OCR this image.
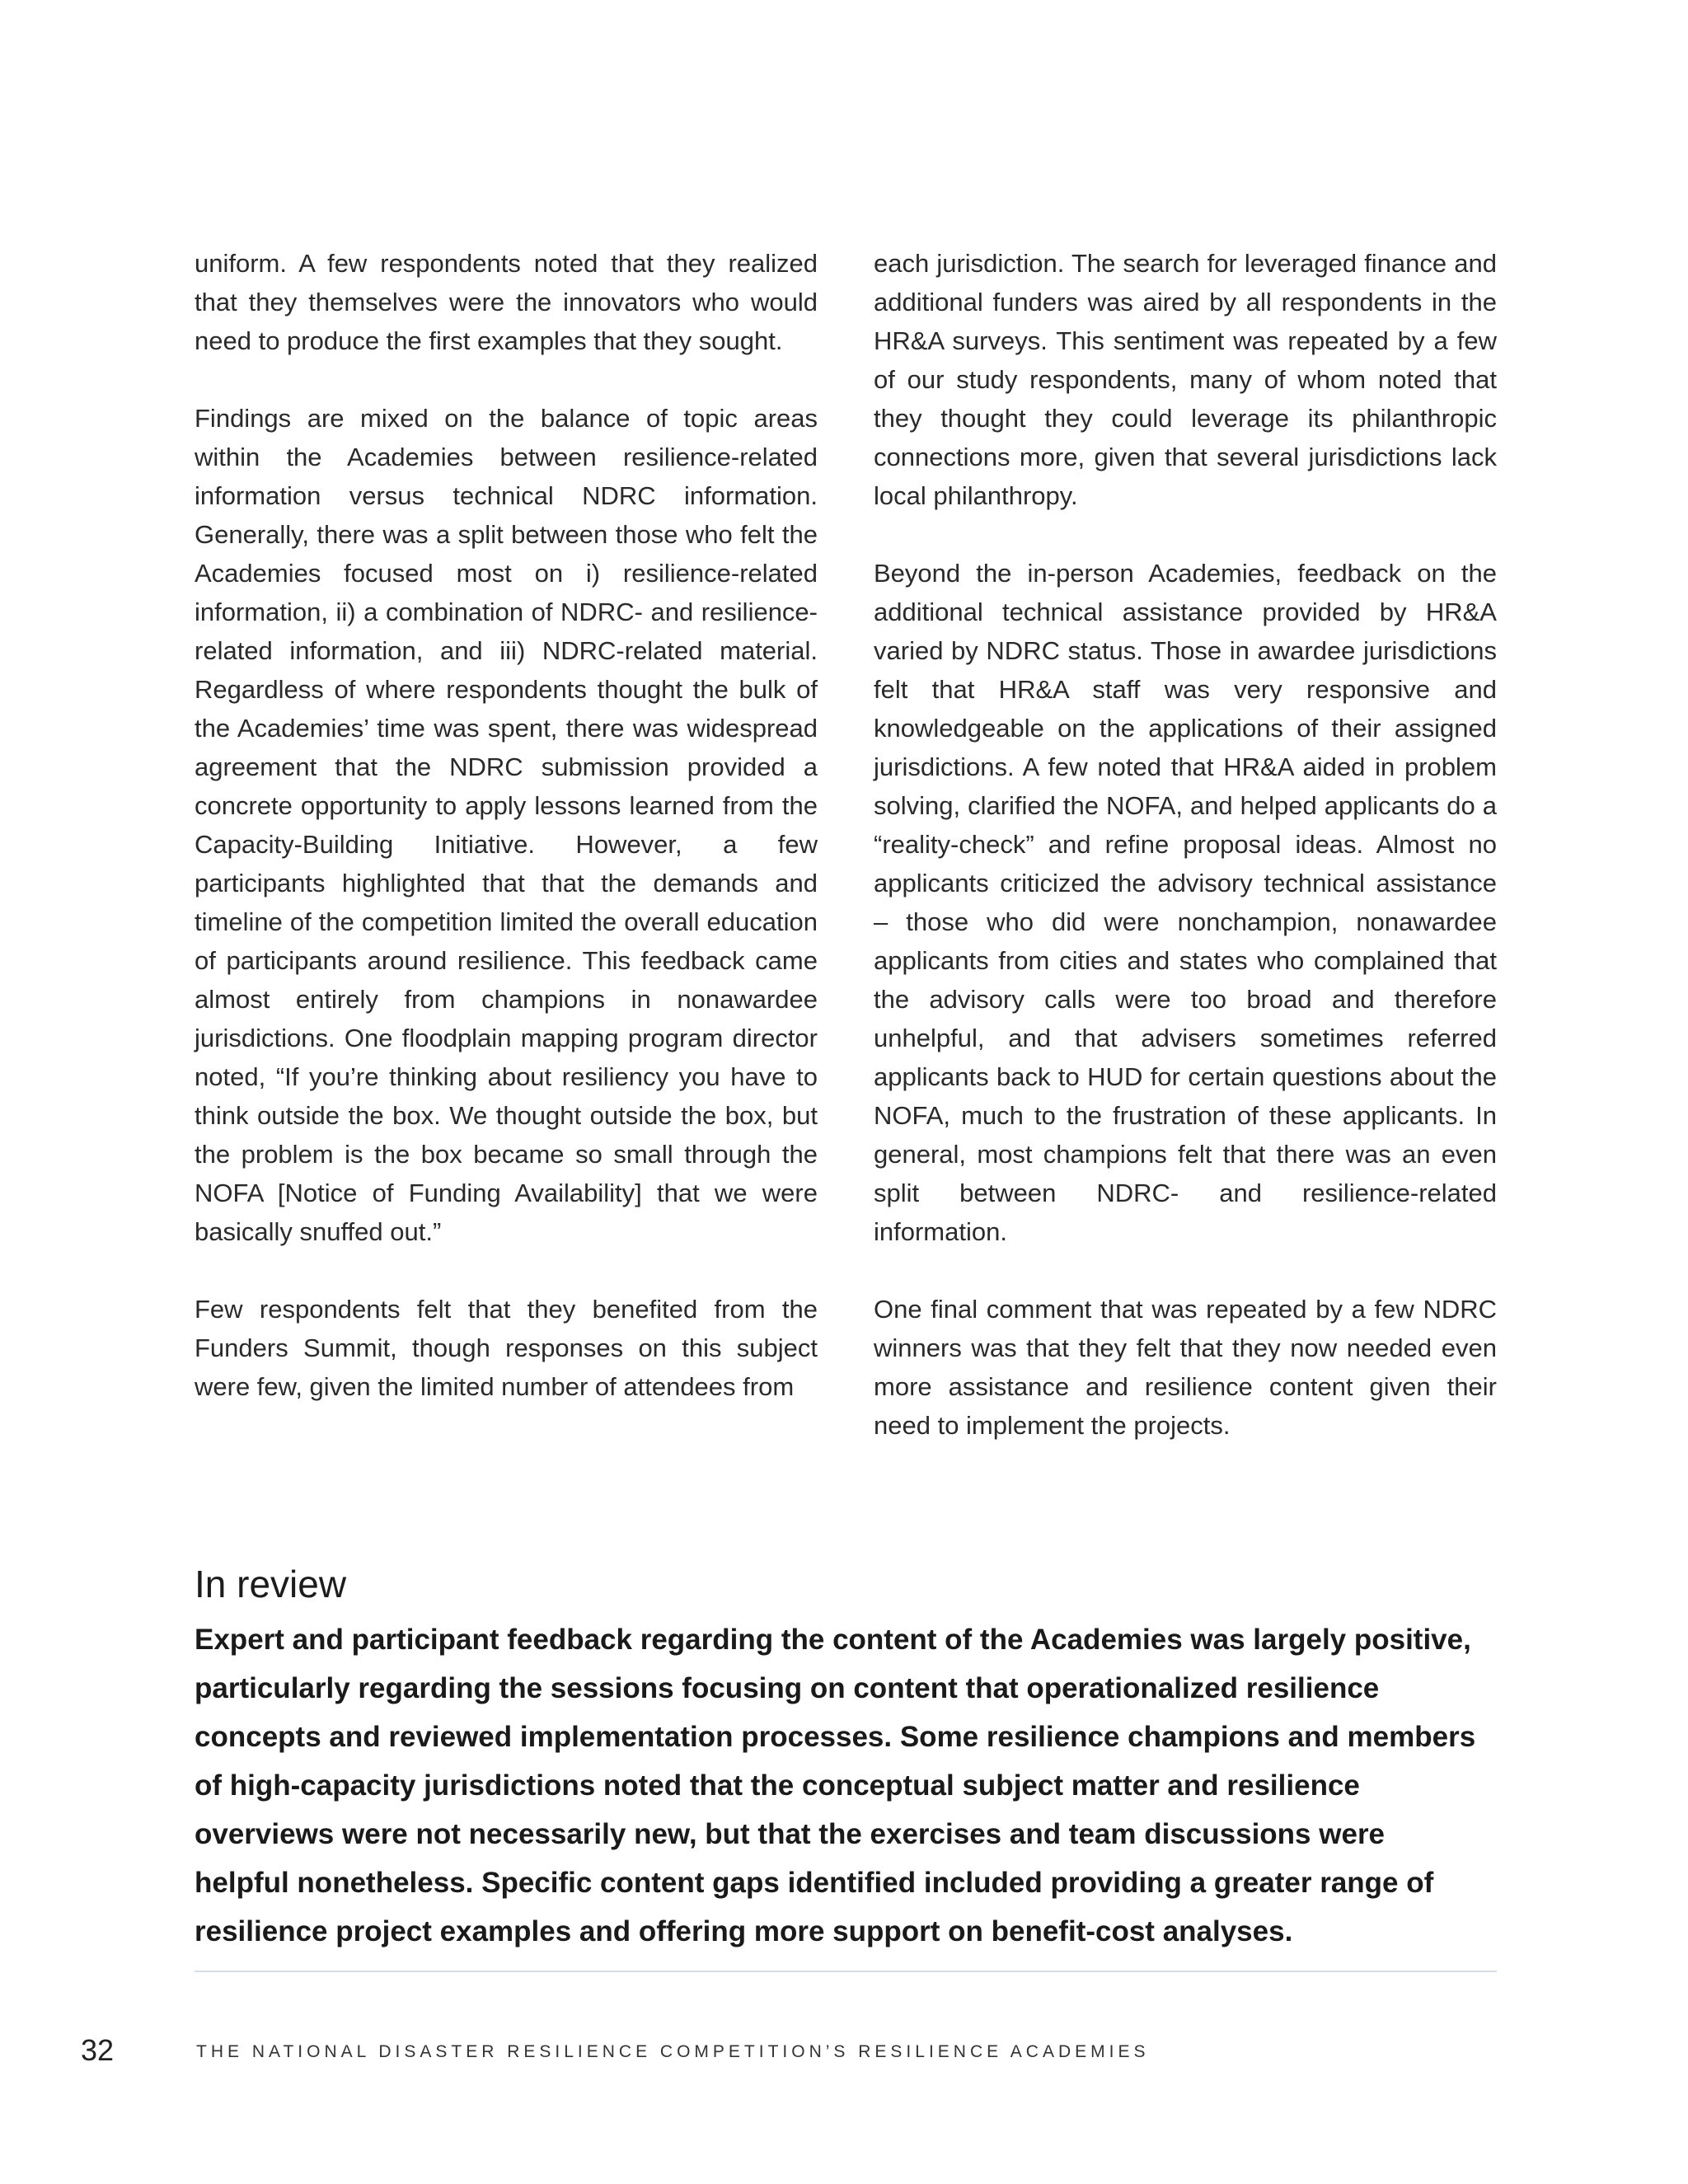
uniform. A few respondents noted that they realized that they themselves were the innovators who would need to produce the first examples that they sought.

Findings are mixed on the balance of topic areas within the Academies between resilience-related information versus technical NDRC information. Generally, there was a split between those who felt the Academies focused most on i) resilience-related information, ii) a combination of NDRC- and resilience-related information, and iii) NDRC-related material. Regardless of where respondents thought the bulk of the Academies’ time was spent, there was widespread agreement that the NDRC submission provided a concrete opportunity to apply lessons learned from the Capacity-Building Initiative. However, a few participants highlighted that that the demands and timeline of the competition limited the overall education of participants around resilience. This feedback came almost entirely from champions in nonawardee jurisdictions. One floodplain mapping program director noted, “If you’re thinking about resiliency you have to think outside the box. We thought outside the box, but the problem is the box became so small through the NOFA [Notice of Funding Availability] that we were basically snuffed out.”

Few respondents felt that they benefited from the Funders Summit, though responses on this subject were few, given the limited number of attendees from

each jurisdiction. The search for leveraged finance and additional funders was aired by all respondents in the HR&A surveys. This sentiment was repeated by a few of our study respondents, many of whom noted that they thought they could leverage its philanthropic connections more, given that several jurisdictions lack local philanthropy.

Beyond the in-person Academies, feedback on the additional technical assistance provided by HR&A varied by NDRC status. Those in awardee jurisdictions felt that HR&A staff was very responsive and knowledgeable on the applications of their assigned jurisdictions. A few noted that HR&A aided in problem solving, clarified the NOFA, and helped applicants do a “reality-check” and refine proposal ideas. Almost no applicants criticized the advisory technical assistance – those who did were nonchampion, nonawardee applicants from cities and states who complained that the advisory calls were too broad and therefore unhelpful, and that advisers sometimes referred applicants back to HUD for certain questions about the NOFA, much to the frustration of these applicants. In general, most champions felt that there was an even split between NDRC- and resilience-related information.

One final comment that was repeated by a few NDRC winners was that they felt that they now needed even more assistance and resilience content given their need to implement the projects.

In review

Expert and participant feedback regarding the content of the Academies was largely positive, particularly regarding the sessions focusing on content that operationalized resilience concepts and reviewed implementation processes. Some resilience champions and members of high-capacity jurisdictions noted that the conceptual subject matter and resilience overviews were not necessarily new, but that the exercises and team discussions were helpful nonetheless. Specific content gaps identified included providing a greater range of resilience project examples and offering more support on benefit-cost analyses.

32	THE NATIONAL DISASTER RESILIENCE COMPETITION’S RESILIENCE ACADEMIES
